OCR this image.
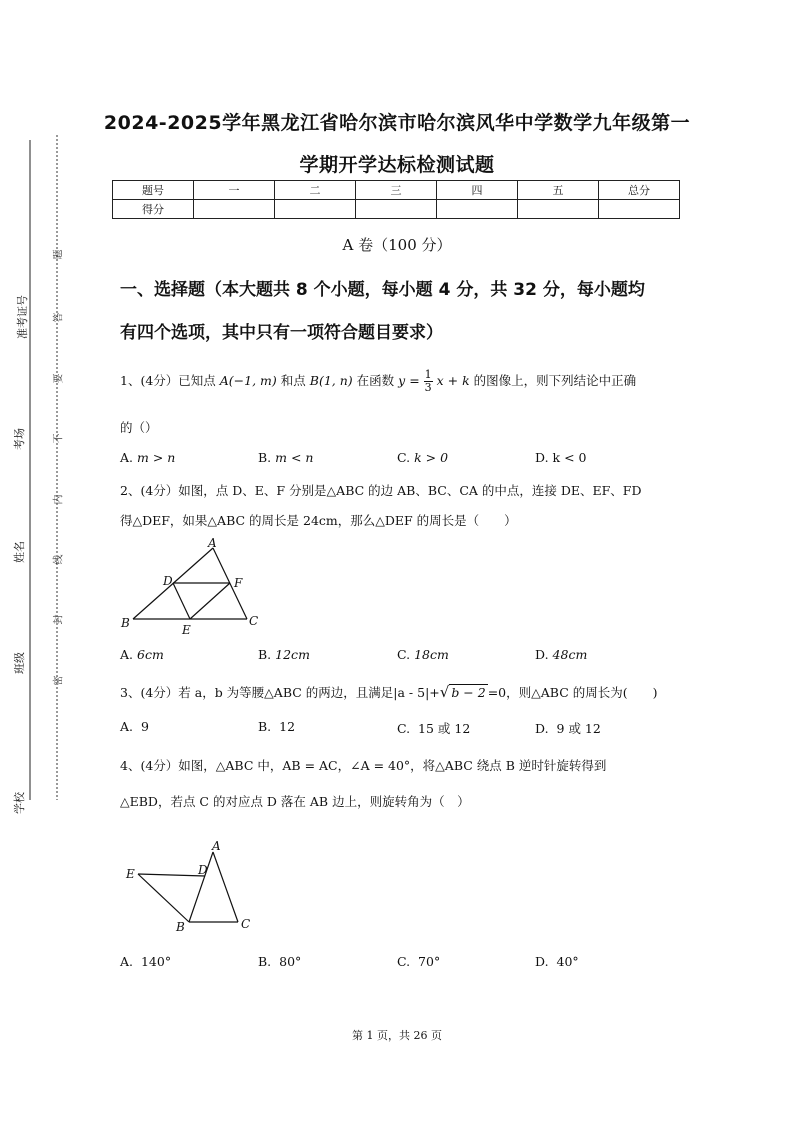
准考证号
考场
姓名
班级
学校
题
答
要
不
内
线
封
密
2024-2025学年黑龙江省哈尔滨市哈尔滨风华中学数学九年级第一
学期开学达标检测试题
题号	一	二	三	四	五	总分
得分						
A 卷（100 分）
一、选择题（本大题共 8 个小题，每小题 4 分，共 32 分，每小题均
有四个选项，其中只有一项符合题目要求）
1、(4分）已知点 A(−1, m) 和点 B(1, n) 在函数 $y = \frac{1}{3}$ x + k 的图像上，则下列结论中正确
的（）
A. m > n	B. m < n	C. k > 0	D. k < 0
2、(4分）如图，点 D、E、F 分别是△ABC 的边 AB、BC、CA 的中点，连接 DE、EF、FD
得△DEF，如果△ABC 的周长是 24cm，那么△DEF 的周长是（　　）
A
D	F
B	E
C
A. 6cm	B. 12cm	C. 18cm	D. 48cm
3、(4分）若 a，b 为等腰△ABC 的两边，且满足|a - 5|+√ b − 2 =0，则△ABC 的周长为(　　)
A. 9	B. 12	C. 15 或 12	D. 9 或 12
4、(4分）如图，△ABC 中，AB = AC，∠A = 40°，将△ABC 绕点 B 逆时针旋转得到
△EBD，若点 C 的对应点 D 落在 AB 边上，则旋转角为（　）
A
D
E
B	C
A. 140°	B. 80°	C. 70°	D. 40°
第 1 页，共 26 页
